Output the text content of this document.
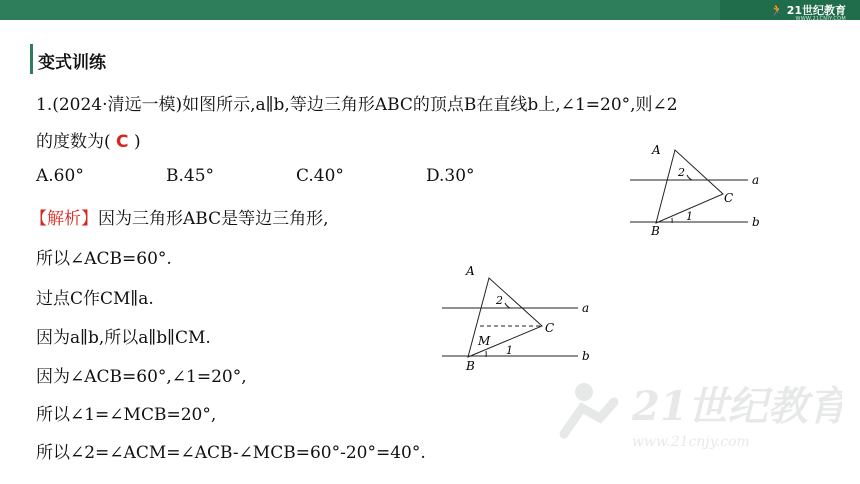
🏃 21世纪教育
WWW.21CNJY.COM
变式训练
1.(2024·清远一模)如图所示,a∥b,等边三角形ABC的顶点B在直线b上,∠1=20°,则∠2
的度数为( C )
A.60°	B.45°	C.40°	D.30°
【解析】因为三角形ABC是等边三角形,
所以∠ACB=60°.
过点C作CM∥a.
因为a∥b,所以a∥b∥CM.
因为∠ACB=60°,∠1=20°,
所以∠1=∠MCB=20°,
所以∠2=∠ACM=∠ACB-∠MCB=60°-20°=40°.
A
B
C
a
b
1
2
A
B
C
M
a
b
1
2
21世纪教育
www.21cnjy.com
